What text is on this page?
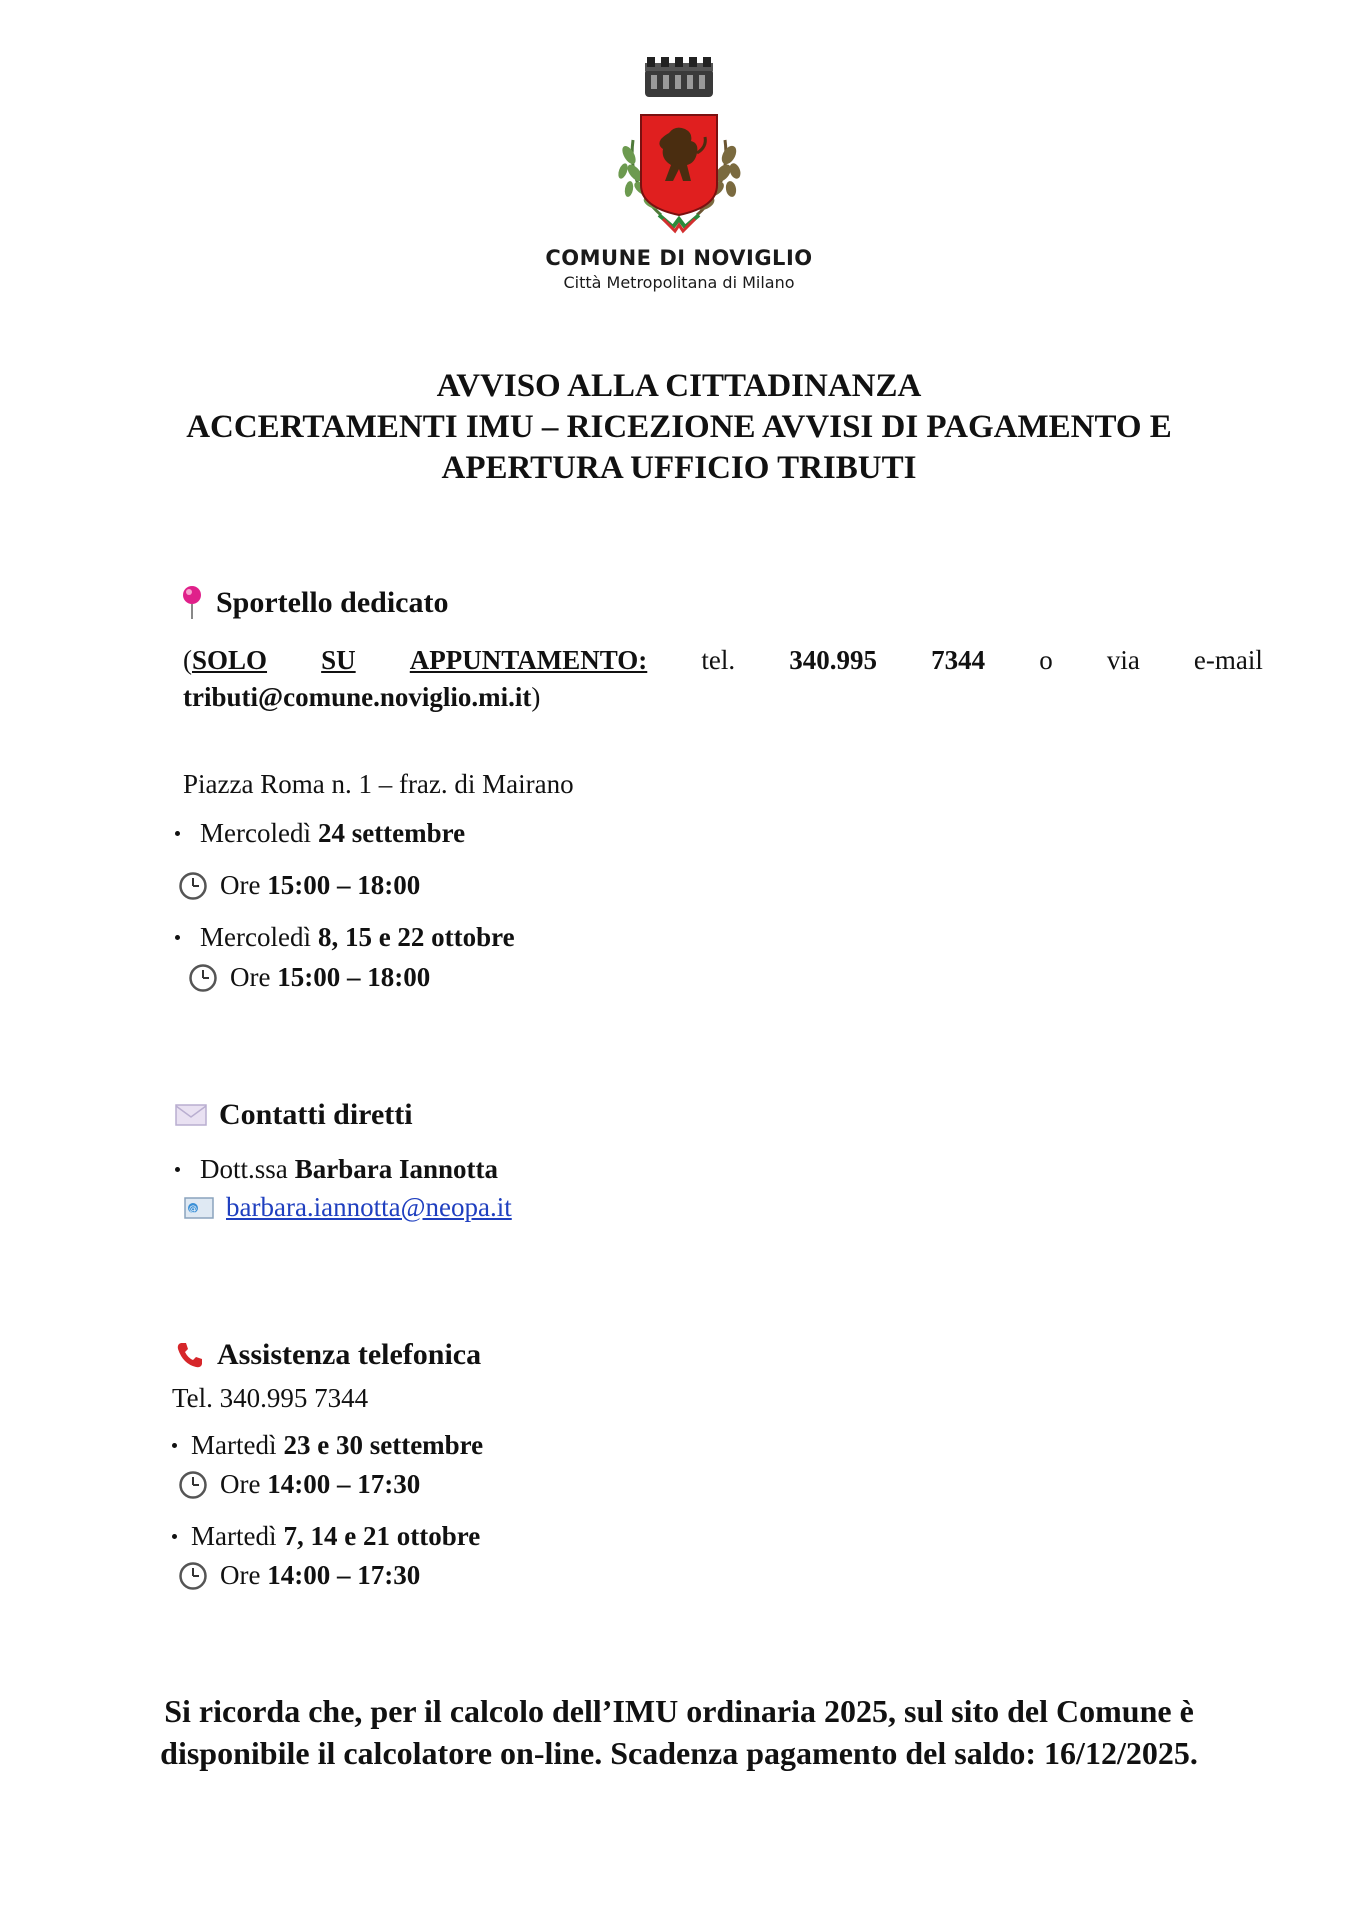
COMUNE DI NOVIGLIO
Città Metropolitana di Milano
AVVISO ALLA CITTADINANZA
ACCERTAMENTI IMU – RICEZIONE AVVISI DI PAGAMENTO E
APERTURA UFFICIO TRIBUTI
Sportello dedicato
(SOLO SU APPUNTAMENTO: tel. 340.995 7344 o via e-mail
tributi@comune.noviglio.mi.it)
Piazza Roma n. 1 – fraz. di Mairano
Mercoledì 24 settembre
Ore 15:00 – 18:00
Mercoledì 8, 15 e 22 ottobre
Ore 15:00 – 18:00
Contatti diretti
Dott.ssa Barbara Iannotta
@ barbara.iannotta@neopa.it
Assistenza telefonica
Tel. 340.995 7344
Martedì 23 e 30 settembre
Ore 14:00 – 17:30
Martedì 7, 14 e 21 ottobre
Ore 14:00 – 17:30
Si ricorda che, per il calcolo dell’IMU ordinaria 2025, sul sito del Comune è
disponibile il calcolatore on-line. Scadenza pagamento del saldo: 16/12/2025.
